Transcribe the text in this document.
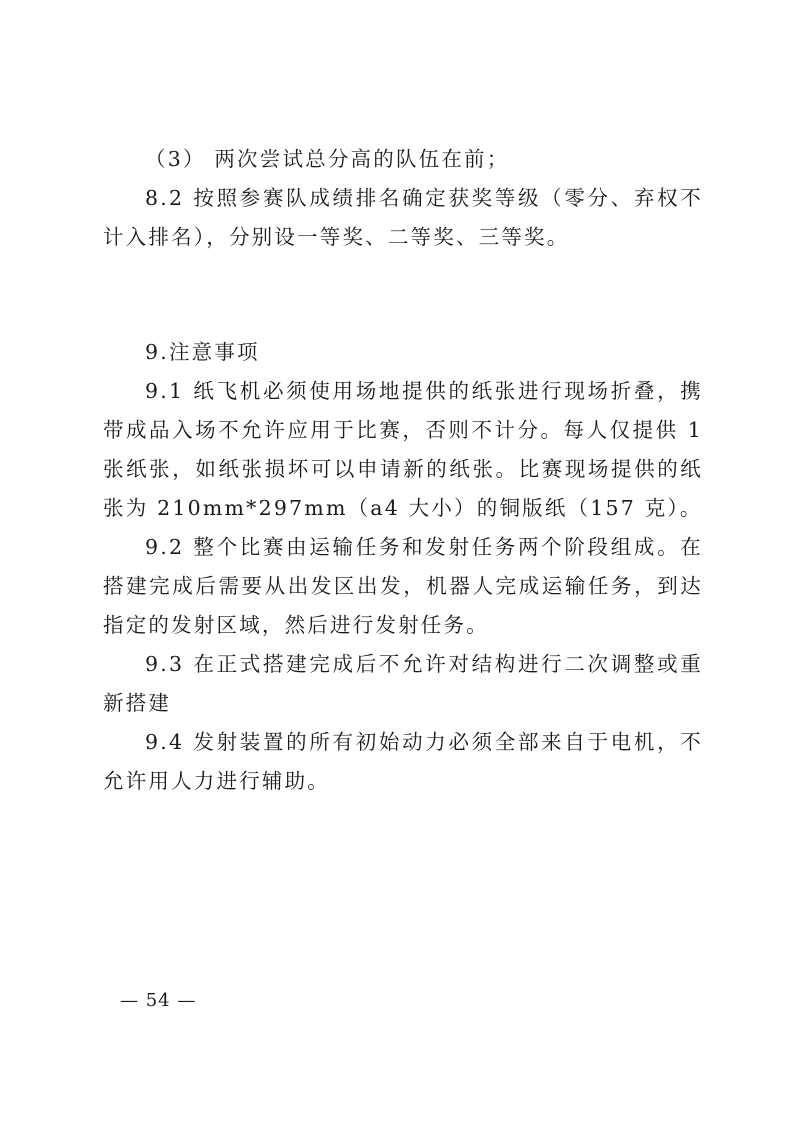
（3） 两次尝试总分高的队伍在前；

8.2 按照参赛队成绩排名确定获奖等级（零分、弃权不计入排名），分别设一等奖、二等奖、三等奖。

9.注意事项

9.1 纸飞机必须使用场地提供的纸张进行现场折叠，携带成品入场不允许应用于比赛，否则不计分。每人仅提供 1 张纸张，如纸张损坏可以申请新的纸张。比赛现场提供的纸张为 210mm*297mm（a4 大小）的铜版纸（157 克）。

9.2 整个比赛由运输任务和发射任务两个阶段组成。在搭建完成后需要从出发区出发，机器人完成运输任务，到达指定的发射区域，然后进行发射任务。

9.3 在正式搭建完成后不允许对结构进行二次调整或重新搭建

9.4 发射装置的所有初始动力必须全部来自于电机，不允许用人力进行辅助。

— 54 —
